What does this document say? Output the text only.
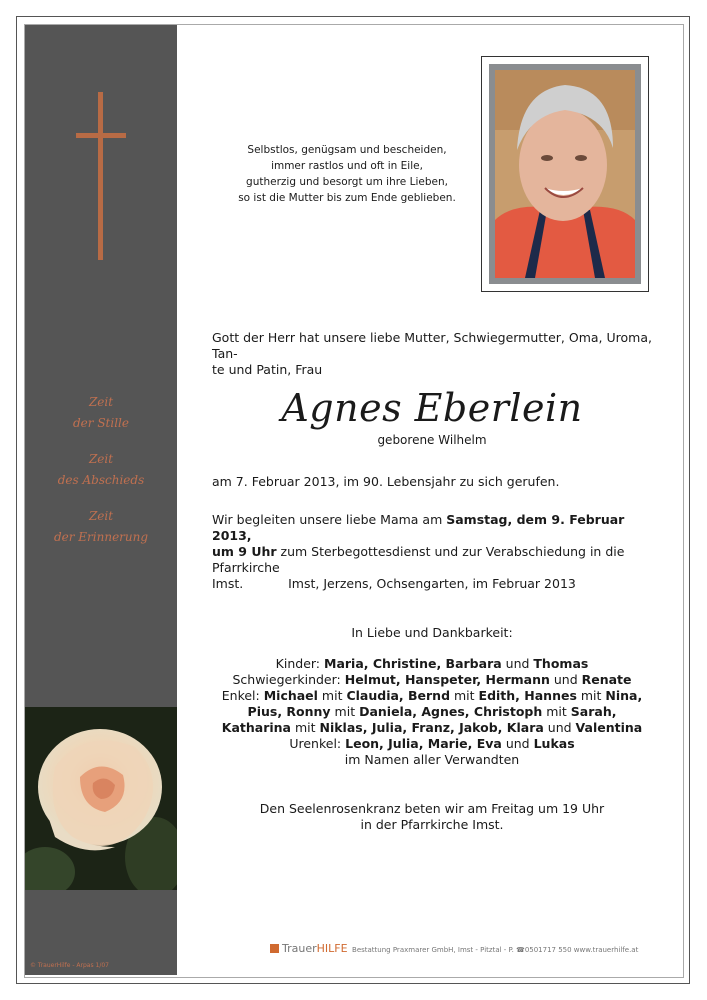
Zeit
der Stille
Zeit
des Abschieds
Zeit
der Erinnerung
© TrauerHilfe - Arpas 1/07
Selbstlos, genügsam und bescheiden,
immer rastlos und oft in Eile,
gutherzig und besorgt um ihre Lieben,
so ist die Mutter bis zum Ende geblieben.
Gott der Herr hat unsere liebe Mutter, Schwiegermutter, Oma, Uroma, Tan-
te und Patin, Frau
Agnes Eberlein
geborene Wilhelm
am 7. Februar 2013, im 90. Lebensjahr zu sich gerufen.
Wir begleiten unsere liebe Mama am Samstag, dem 9. Februar 2013,
um 9 Uhr zum Sterbegottesdienst und zur Verabschiedung in die Pfarrkirche
Imst.	Imst, Jerzens, Ochsengarten, im Februar 2013
In Liebe und Dankbarkeit:
Kinder: Maria, Christine, Barbara und Thomas
Schwiegerkinder: Helmut, Hanspeter, Hermann und Renate
Enkel: Michael mit Claudia, Bernd mit Edith, Hannes mit Nina,
Pius, Ronny mit Daniela, Agnes, Christoph mit Sarah,
Katharina mit Niklas, Julia, Franz, Jakob, Klara und Valentina
Urenkel: Leon, Julia, Marie, Eva und Lukas
im Namen aller Verwandten
Den Seelenrosenkranz beten wir am Freitag um 19 Uhr
in der Pfarrkirche Imst.
TrauerHILFE Bestattung Praxmarer GmbH, Imst - Pitztal - P. ☎0501717 550 www.trauerhilfe.at
